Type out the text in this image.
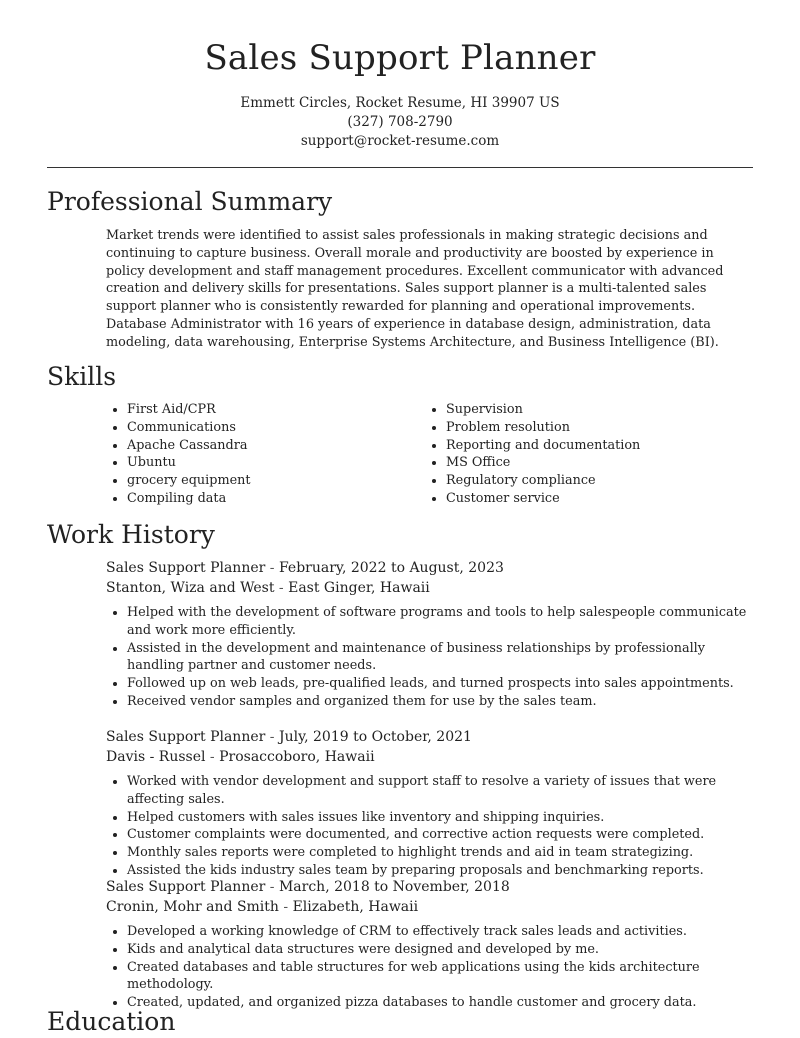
Sales Support Planner
Emmett Circles, Rocket Resume, HI 39907 US
(327) 708-2790
support@rocket-resume.com
Professional Summary

Market trends were identified to assist sales professionals in making strategic decisions and continuing to capture business. Overall morale and productivity are boosted by experience in policy development and staff management procedures. Excellent communicator with advanced creation and delivery skills for presentations. Sales support planner is a multi-talented sales support planner who is consistently rewarded for planning and operational improvements. Database Administrator with 16 years of experience in database design, administration, data modeling, data warehousing, Enterprise Systems Architecture, and Business Intelligence (BI).

Skills
• First Aid/CPR
• Communications
• Apache Cassandra
• Ubuntu
• grocery equipment
• Compiling data
• Supervision
• Problem resolution
• Reporting and documentation
• MS Office
• Regulatory compliance
• Customer service
Work History

Sales Support Planner - February, 2022 to August, 2023

Stanton, Wiza and West - East Ginger, Hawaii

• Helped with the development of software programs and tools to help salespeople communicate and work more efficiently.
• Assisted in the development and maintenance of business relationships by professionally handling partner and customer needs.
• Followed up on web leads, pre-qualified leads, and turned prospects into sales appointments.
• Received vendor samples and organized them for use by the sales team.

Sales Support Planner - July, 2019 to October, 2021

Davis - Russel - Prosaccoboro, Hawaii

• Worked with vendor development and support staff to resolve a variety of issues that were affecting sales.
• Helped customers with sales issues like inventory and shipping inquiries.
• Customer complaints were documented, and corrective action requests were completed.
• Monthly sales reports were completed to highlight trends and aid in team strategizing.
• Assisted the kids industry sales team by preparing proposals and benchmarking reports.

Sales Support Planner - March, 2018 to November, 2018

Cronin, Mohr and Smith - Elizabeth, Hawaii

• Developed a working knowledge of CRM to effectively track sales leads and activities.
• Kids and analytical data structures were designed and developed by me.
• Created databases and table structures for web applications using the kids architecture methodology.
• Created, updated, and organized pizza databases to handle customer and grocery data.
Education
